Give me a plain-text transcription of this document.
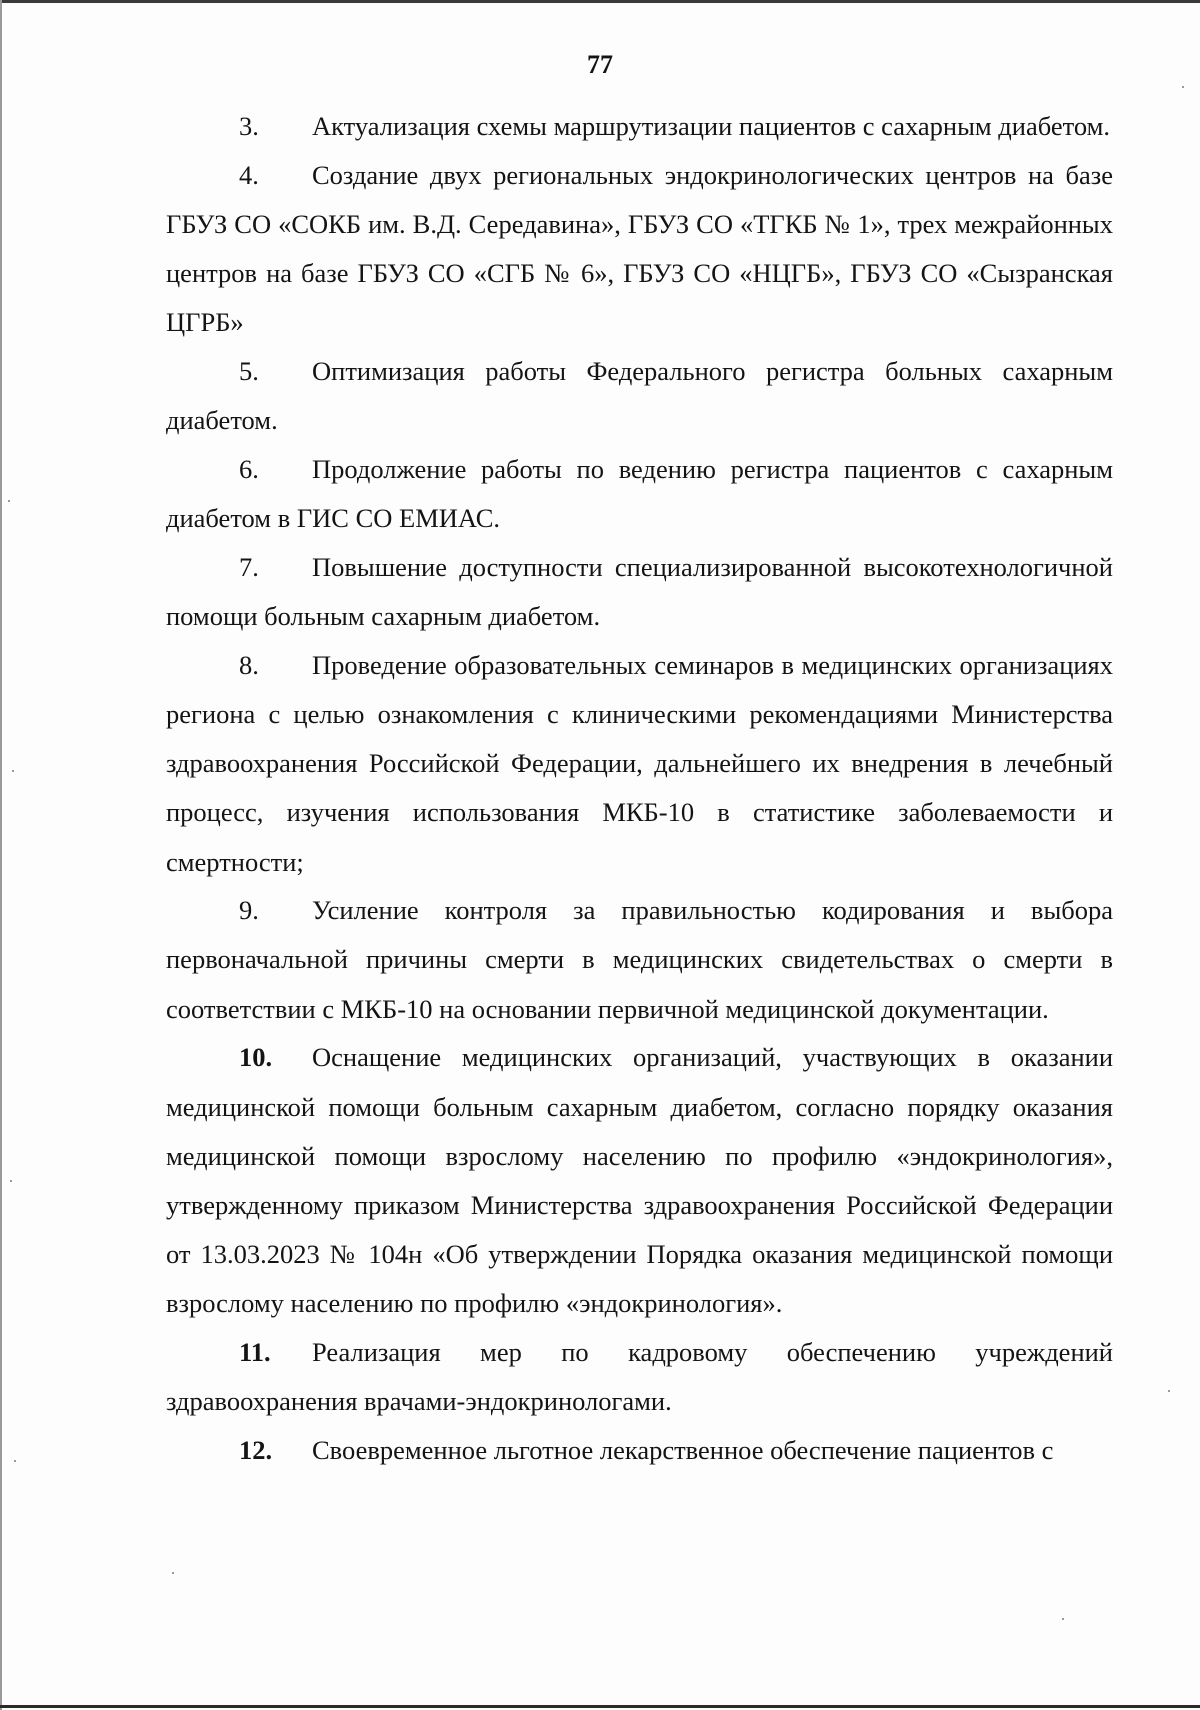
77

3. Актуализация схемы маршрутизации пациентов с сахарным диабетом.

4. Создание двух региональных эндокринологических центров на базе ГБУЗ СО «СОКБ им. В.Д. Середавина», ГБУЗ СО «ТГКБ № 1», трех межрайонных центров на базе ГБУЗ СО «СГБ № 6», ГБУЗ СО «НЦГБ», ГБУЗ СО «Сызранская ЦГРБ»

5. Оптимизация работы Федерального регистра больных сахарным диабетом.

6. Продолжение работы по ведению регистра пациентов с сахарным диабетом в ГИС СО ЕМИАС.

7. Повышение доступности специализированной высокотехнологичной помощи больным сахарным диабетом.

8. Проведение образовательных семинаров в медицинских организациях региона с целью ознакомления с клиническими рекомендациями Министерства здравоохранения Российской Федерации, дальнейшего их внедрения в лечебный процесс, изучения использования МКБ-10 в статистике заболеваемости и смертности;

9. Усиление контроля за правильностью кодирования и выбора первоначальной причины смерти в медицинских свидетельствах о смерти в соответствии с МКБ-10 на основании первичной медицинской документации.

10. Оснащение медицинских организаций, участвующих в оказании медицинской помощи больным сахарным диабетом, согласно порядку оказания медицинской помощи взрослому населению по профилю «эндокринология», утвержденному приказом Министерства здравоохранения Российской Федерации от 13.03.2023 № 104н «Об утверждении Порядка оказания медицинской помощи взрослому населению по профилю «эндокринология».

11. Реализация мер по кадровому обеспечению учреждений здравоохранения врачами-эндокринологами.

12. Своевременное льготное лекарственное обеспечение пациентов с
